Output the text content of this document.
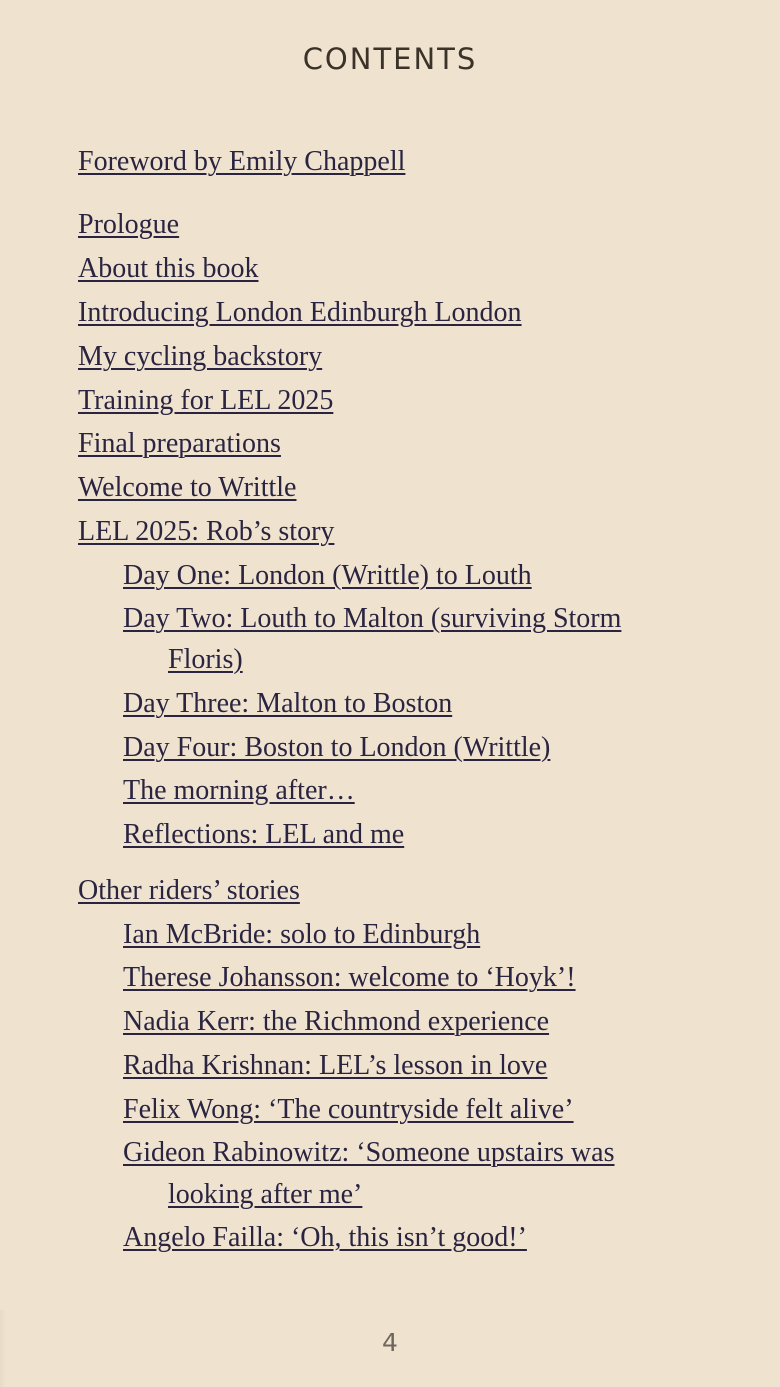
CONTENTS
Foreword by Emily Chappell
Prologue
About this book
Introducing London Edinburgh London
My cycling backstory
Training for LEL 2025
Final preparations
Welcome to Writtle
LEL 2025: Rob’s story
Day One: London (Writtle) to Louth
Day Two: Louth to Malton (surviving Storm
Floris)
Day Three: Malton to Boston
Day Four: Boston to London (Writtle)
The morning after…
Reflections: LEL and me
Other riders’ stories
Ian McBride: solo to Edinburgh
Therese Johansson: welcome to ‘Hoyk’!
Nadia Kerr: the Richmond experience
Radha Krishnan: LEL’s lesson in love
Felix Wong: ‘The countryside felt alive’
Gideon Rabinowitz: ‘Someone upstairs was
looking after me’
Angelo Failla: ‘Oh, this isn’t good!’
4
